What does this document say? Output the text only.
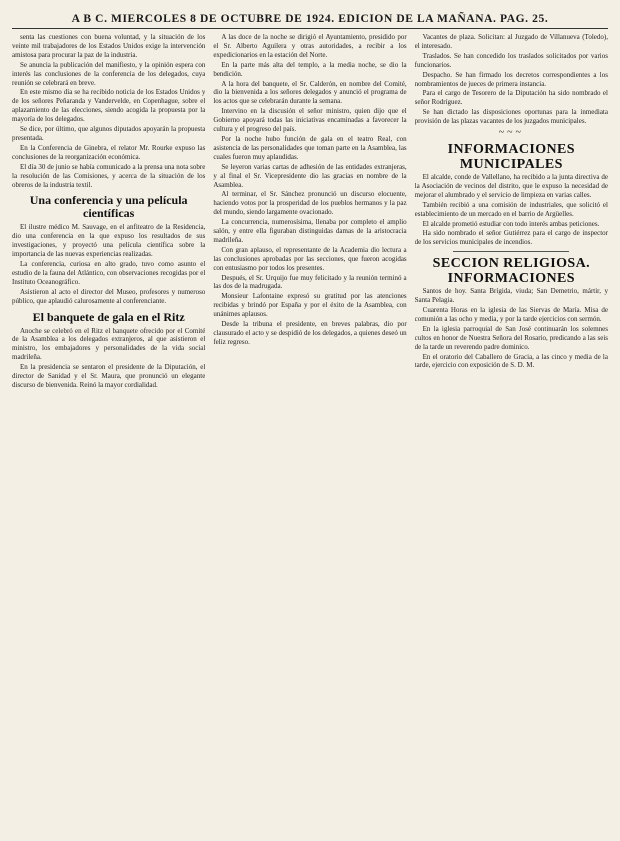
A B C. MIERCOLES 8 DE OCTUBRE DE 1924. EDICION DE LA MAÑANA. PAG. 25.

senta las cuestiones con buena voluntad, y la situación de los veinte mil trabajadores de los Estados Unidos exige la intervención amistosa para procurar la paz de la industria.

Se anuncia la publicación del manifiesto, y la opinión espera con interés las conclusiones de la conferencia de los delegados, cuya reunión se celebrará en breve.

En este mismo día se ha recibido noticia de los Estados Unidos y de los señores Peñaranda y Vandervelde, en Copenhague, sobre el aplazamiento de las elecciones, siendo acogida la propuesta por la mayoría de los delegados.

Se dice, por último, que algunos diputados apoyarán la propuesta presentada.

En la Conferencia de Ginebra, el relator Mr. Rourke expuso las conclusiones de la reorganización económica.

El día 30 de junio se había comunicado a la prensa una nota sobre la resolución de las Comisiones, y acerca de la situación de los obreros de la industria textil.

Una conferencia y una película científicas

El ilustre médico M. Sauvage, en el anfiteatro de la Residencia, dio una conferencia en la que expuso los resultados de sus investigaciones, y proyectó una película científica sobre la importancia de las nuevas experiencias realizadas.

La conferencia, curiosa en alto grado, tuvo como asunto el estudio de la fauna del Atlántico, con observaciones recogidas por el Instituto Oceanográfico.

Asistieron al acto el director del Museo, profesores y numeroso público, que aplaudió calurosamente al conferenciante.

El banquete de gala en el Ritz

Anoche se celebró en el Ritz el banquete ofrecido por el Comité de la Asamblea a los delegados extranjeros, al que asistieron el ministro, los embajadores y personalidades de la vida social madrileña.

En la presidencia se sentaron el presidente de la Diputación, el director de Sanidad y el Sr. Maura, que pronunció un elegante discurso de bienvenida. Reinó la mayor cordialidad.

A las doce de la noche se dirigió el Ayuntamiento, presidido por el Sr. Alberto Aguilera y otras autoridades, a recibir a los expedicionarios en la estación del Norte.

En la parte más alta del templo, a la media noche, se dio la bendición.

A la hora del banquete, el Sr. Calderón, en nombre del Comité, dio la bienvenida a los señores delegados y anunció el programa de los actos que se celebrarán durante la semana.

Intervino en la discusión el señor ministro, quien dijo que el Gobierno apoyará todas las iniciativas encaminadas a favorecer la cultura y el progreso del país.

Por la noche hubo función de gala en el teatro Real, con asistencia de las personalidades que toman parte en la Asamblea, las cuales fueron muy aplaudidas.

Se leyeron varias cartas de adhesión de las entidades extranjeras, y al final el Sr. Vicepresidente dio las gracias en nombre de la Asamblea.

Al terminar, el Sr. Sánchez pronunció un discurso elocuente, haciendo votos por la prosperidad de los pueblos hermanos y la paz del mundo, siendo largamente ovacionado.

La concurrencia, numerosísima, llenaba por completo el amplio salón, y entre ella figuraban distinguidas damas de la aristocracia madrileña.

Con gran aplauso, el representante de la Academia dio lectura a las conclusiones aprobadas por las secciones, que fueron acogidas con entusiasmo por todos los presentes.

Después, el Sr. Urquijo fue muy felicitado y la reunión terminó a las dos de la madrugada.

Monsieur Lafontaine expresó su gratitud por las atenciones recibidas y brindó por España y por el éxito de la Asamblea, con unánimes aplausos.

Desde la tribuna el presidente, en breves palabras, dio por clausurado el acto y se despidió de los delegados, a quienes deseó un feliz regreso.

Vacantes de plaza. Solicitan: al Juzgado de Villanueva (Toledo), el interesado.

Traslados. Se han concedido los traslados solicitados por varios funcionarios.

Despacho. Se han firmado los decretos correspondientes a los nombramientos de jueces de primera instancia.

Para el cargo de Tesorero de la Diputación ha sido nombrado el señor Rodríguez.

Se han dictado las disposiciones oportunas para la inmediata provisión de las plazas vacantes de los juzgados municipales.

~~~
INFORMACIONES MUNICIPALES

El alcalde, conde de Vallellano, ha recibido a la junta directiva de la Asociación de vecinos del distrito, que le expuso la necesidad de mejorar el alumbrado y el servicio de limpieza en varias calles.

También recibió a una comisión de industriales, que solicitó el establecimiento de un mercado en el barrio de Argüelles.

El alcalde prometió estudiar con todo interés ambas peticiones.

Ha sido nombrado el señor Gutiérrez para el cargo de inspector de los servicios municipales de incendios.

SECCION RELIGIOSA. INFORMACIONES

Santos de hoy. Santa Brígida, viuda; San Demetrio, mártir, y Santa Pelagia.

Cuarenta Horas en la iglesia de las Siervas de María. Misa de comunión a las ocho y media, y por la tarde ejercicios con sermón.

En la iglesia parroquial de San José continuarán los solemnes cultos en honor de Nuestra Señora del Rosario, predicando a las seis de la tarde un reverendo padre dominico.

En el oratorio del Caballero de Gracia, a las cinco y media de la tarde, ejercicio con exposición de S. D. M.
